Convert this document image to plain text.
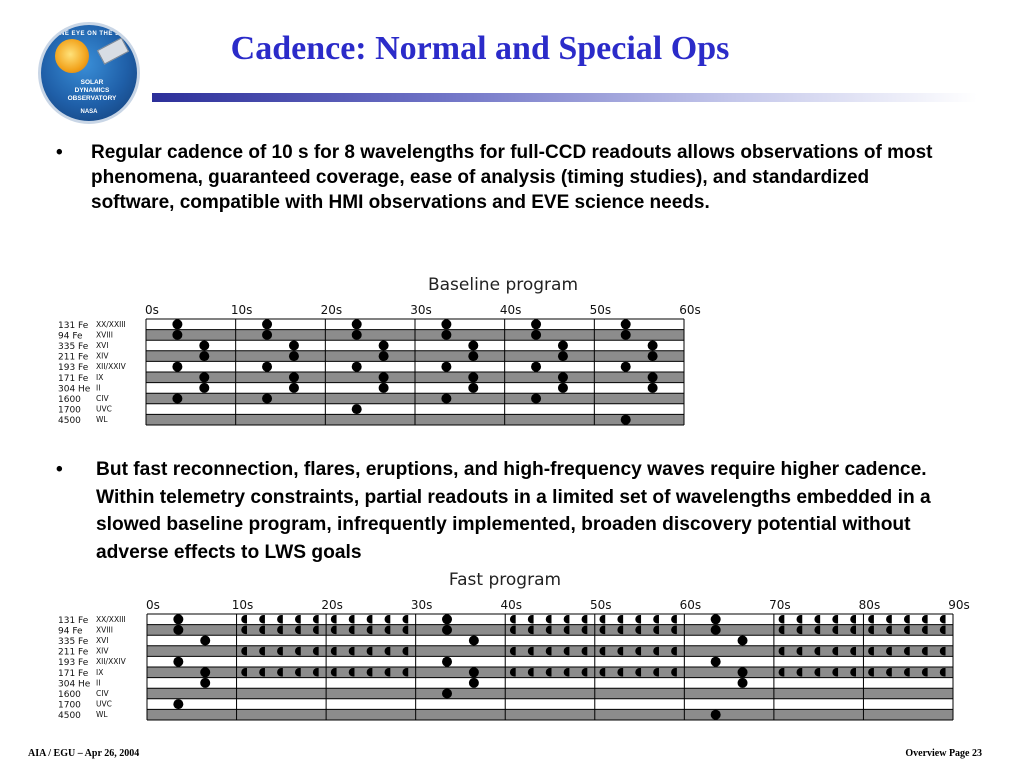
ONE EYE ON THE SUN
SOLAR
DYNAMICS
OBSERVATORY
NASA
Cadence: Normal and Special Ops
• Regular cadence of 10 s for 8 wavelengths for full-CCD readouts allows observations of most phenomena, guaranteed coverage, ease of analysis (timing studies), and standardized software, compatible with HMI observations and EVE science needs.
Baseline program
0s	10s	20s	30s	40s	50s	60s
131 Fe XX/XXIII
94 Fe XVIII
335 Fe XVI
211 Fe XIV
193 Fe XII/XXIV
171 Fe IX
304 He II
1600 CIV
1700 UVC
4500 WL
Fast program
0s	10s	20s	30s	40s	50s	60s	70s	80s	90s
131 Fe XX/XXIII
94 Fe XVIII
335 Fe XVI
211 Fe XIV
193 Fe XII/XXIV
171 Fe IX
304 He II
1600 CIV
1700 UVC
4500 WL
• But fast reconnection, flares, eruptions, and high-frequency waves require higher cadence. Within telemetry constraints, partial readouts in a limited set of wavelengths embedded in a slowed baseline program, infrequently implemented, broaden discovery potential without adverse effects to LWS goals
AIA / EGU – Apr 26, 2004	Overview Page 23
